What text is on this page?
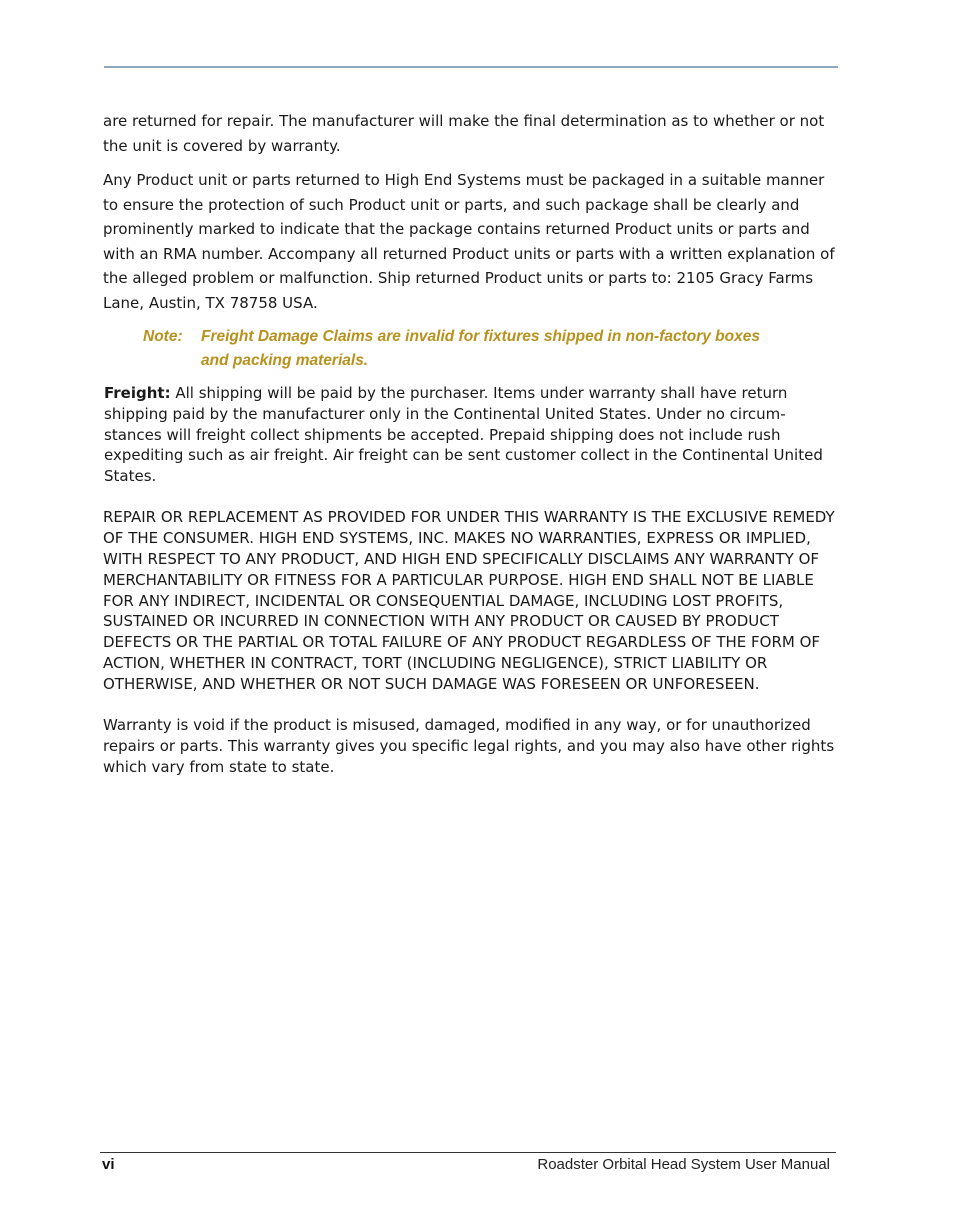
are returned for repair. The manufacturer will make the final determination as to whether or not the unit is covered by warranty.

Any Product unit or parts returned to High End Systems must be packaged in a suitable manner to ensure the protection of such Product unit or parts, and such package shall be clearly and prominently marked to indicate that the package contains returned Product units or parts and with an RMA number. Accompany all returned Product units or parts with a written explanation of the alleged problem or malfunction. Ship returned Product units or parts to: 2105 Gracy Farms Lane, Austin, TX 78758 USA.

Note:	Freight Damage Claims are invalid for fixtures shipped in non-factory boxes and packing materials.

Freight: All shipping will be paid by the purchaser. Items under warranty shall have return shipping paid by the manufacturer only in the Continental United States. Under no circum-stances will freight collect shipments be accepted. Prepaid shipping does not include rush expediting such as air freight. Air freight can be sent customer collect in the Continental United States.

REPAIR OR REPLACEMENT AS PROVIDED FOR UNDER THIS WARRANTY IS THE EXCLUSIVE REMEDY OF THE CONSUMER. HIGH END SYSTEMS, INC. MAKES NO WARRANTIES, EXPRESS OR IMPLIED, WITH RESPECT TO ANY PRODUCT, AND HIGH END SPECIFICALLY DISCLAIMS ANY WARRANTY OF MERCHANTABILITY OR FITNESS FOR A PARTICULAR PURPOSE. HIGH END SHALL NOT BE LIABLE FOR ANY INDIRECT, INCIDENTAL OR CONSEQUENTIAL DAMAGE, INCLUDING LOST PROFITS, SUSTAINED OR INCURRED IN CONNECTION WITH ANY PRODUCT OR CAUSED BY PRODUCT DEFECTS OR THE PARTIAL OR TOTAL FAILURE OF ANY PRODUCT REGARDLESS OF THE FORM OF ACTION, WHETHER IN CONTRACT, TORT (INCLUDING NEGLIGENCE), STRICT LIABILITY OR OTHERWISE, AND WHETHER OR NOT SUCH DAMAGE WAS FORESEEN OR UNFORESEEN.

Warranty is void if the product is misused, damaged, modified in any way, or for unauthorized repairs or parts. This warranty gives you specific legal rights, and you may also have other rights which vary from state to state.

vi	Roadster Orbital Head System User Manual
